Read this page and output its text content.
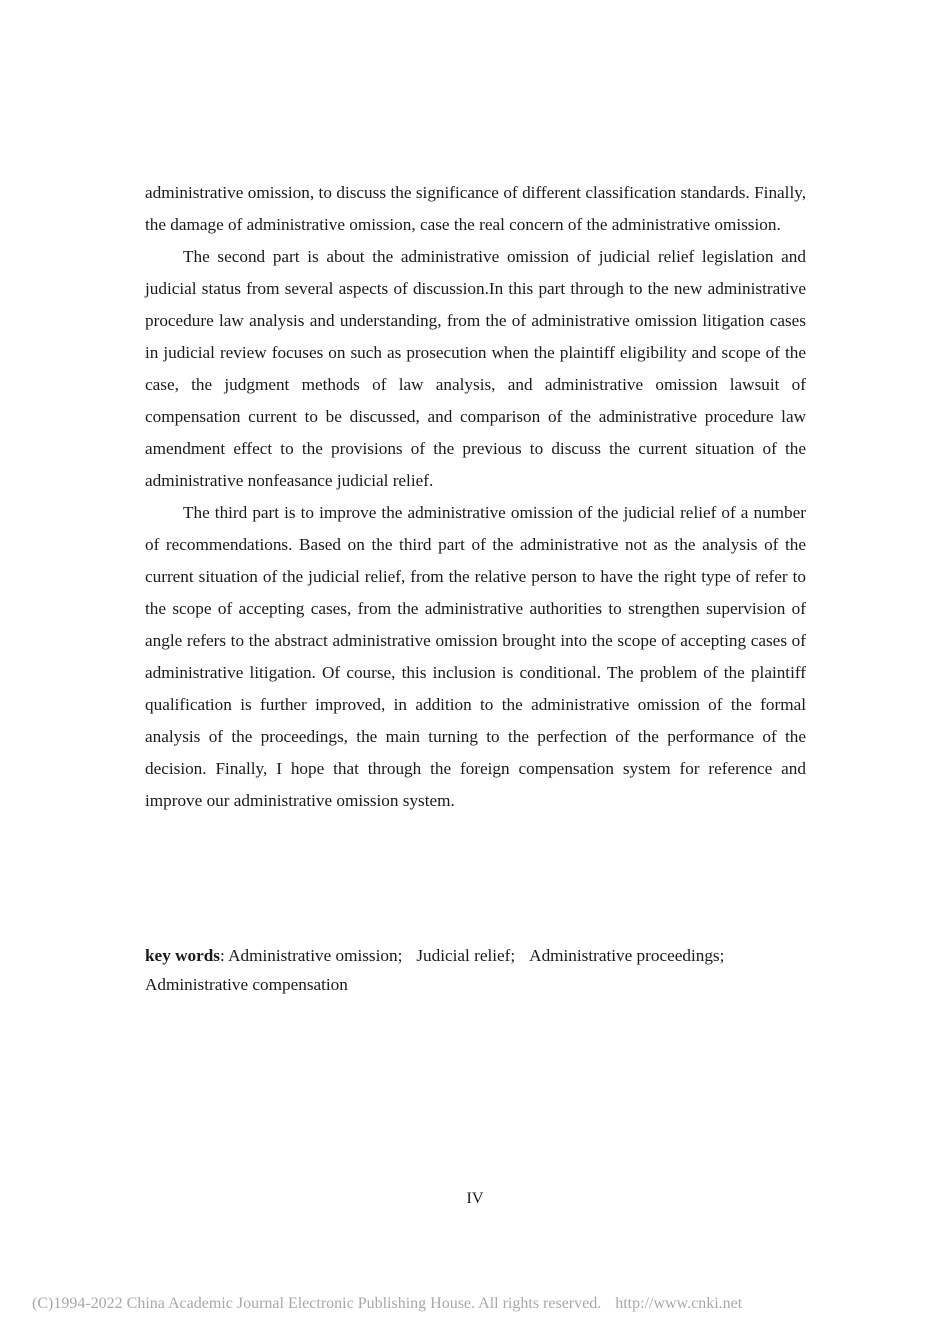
administrative omission, to discuss the significance of different classification standards. Finally, the damage of administrative omission, case the real concern of the administrative omission.

The second part is about the administrative omission of judicial relief legislation and judicial status from several aspects of discussion.In this part through to the new administrative procedure law analysis and understanding, from the of administrative omission litigation cases in judicial review focuses on such as prosecution when the plaintiff eligibility and scope of the case, the judgment methods of law analysis, and administrative omission lawsuit of compensation current to be discussed, and comparison of the administrative procedure law amendment effect to the provisions of the previous to discuss the current situation of the administrative nonfeasance judicial relief.

The third part is to improve the administrative omission of the judicial relief of a number of recommendations. Based on the third part of the administrative not as the analysis of the current situation of the judicial relief, from the relative person to have the right type of refer to the scope of accepting cases, from the administrative authorities to strengthen supervision of angle refers to the abstract administrative omission brought into the scope of accepting cases of administrative litigation. Of course, this inclusion is conditional. The problem of the plaintiff qualification is further improved, in addition to the administrative omission of the formal analysis of the proceedings, the main turning to the perfection of the performance of the decision. Finally, I hope that through the foreign compensation system for reference and improve our administrative omission system.

key words: Administrative omission; Judicial relief; Administrative proceedings;
Administrative compensation
IV
(C)1994-2022 China Academic Journal Electronic Publishing House. All rights reserved. http://www.cnki.net
